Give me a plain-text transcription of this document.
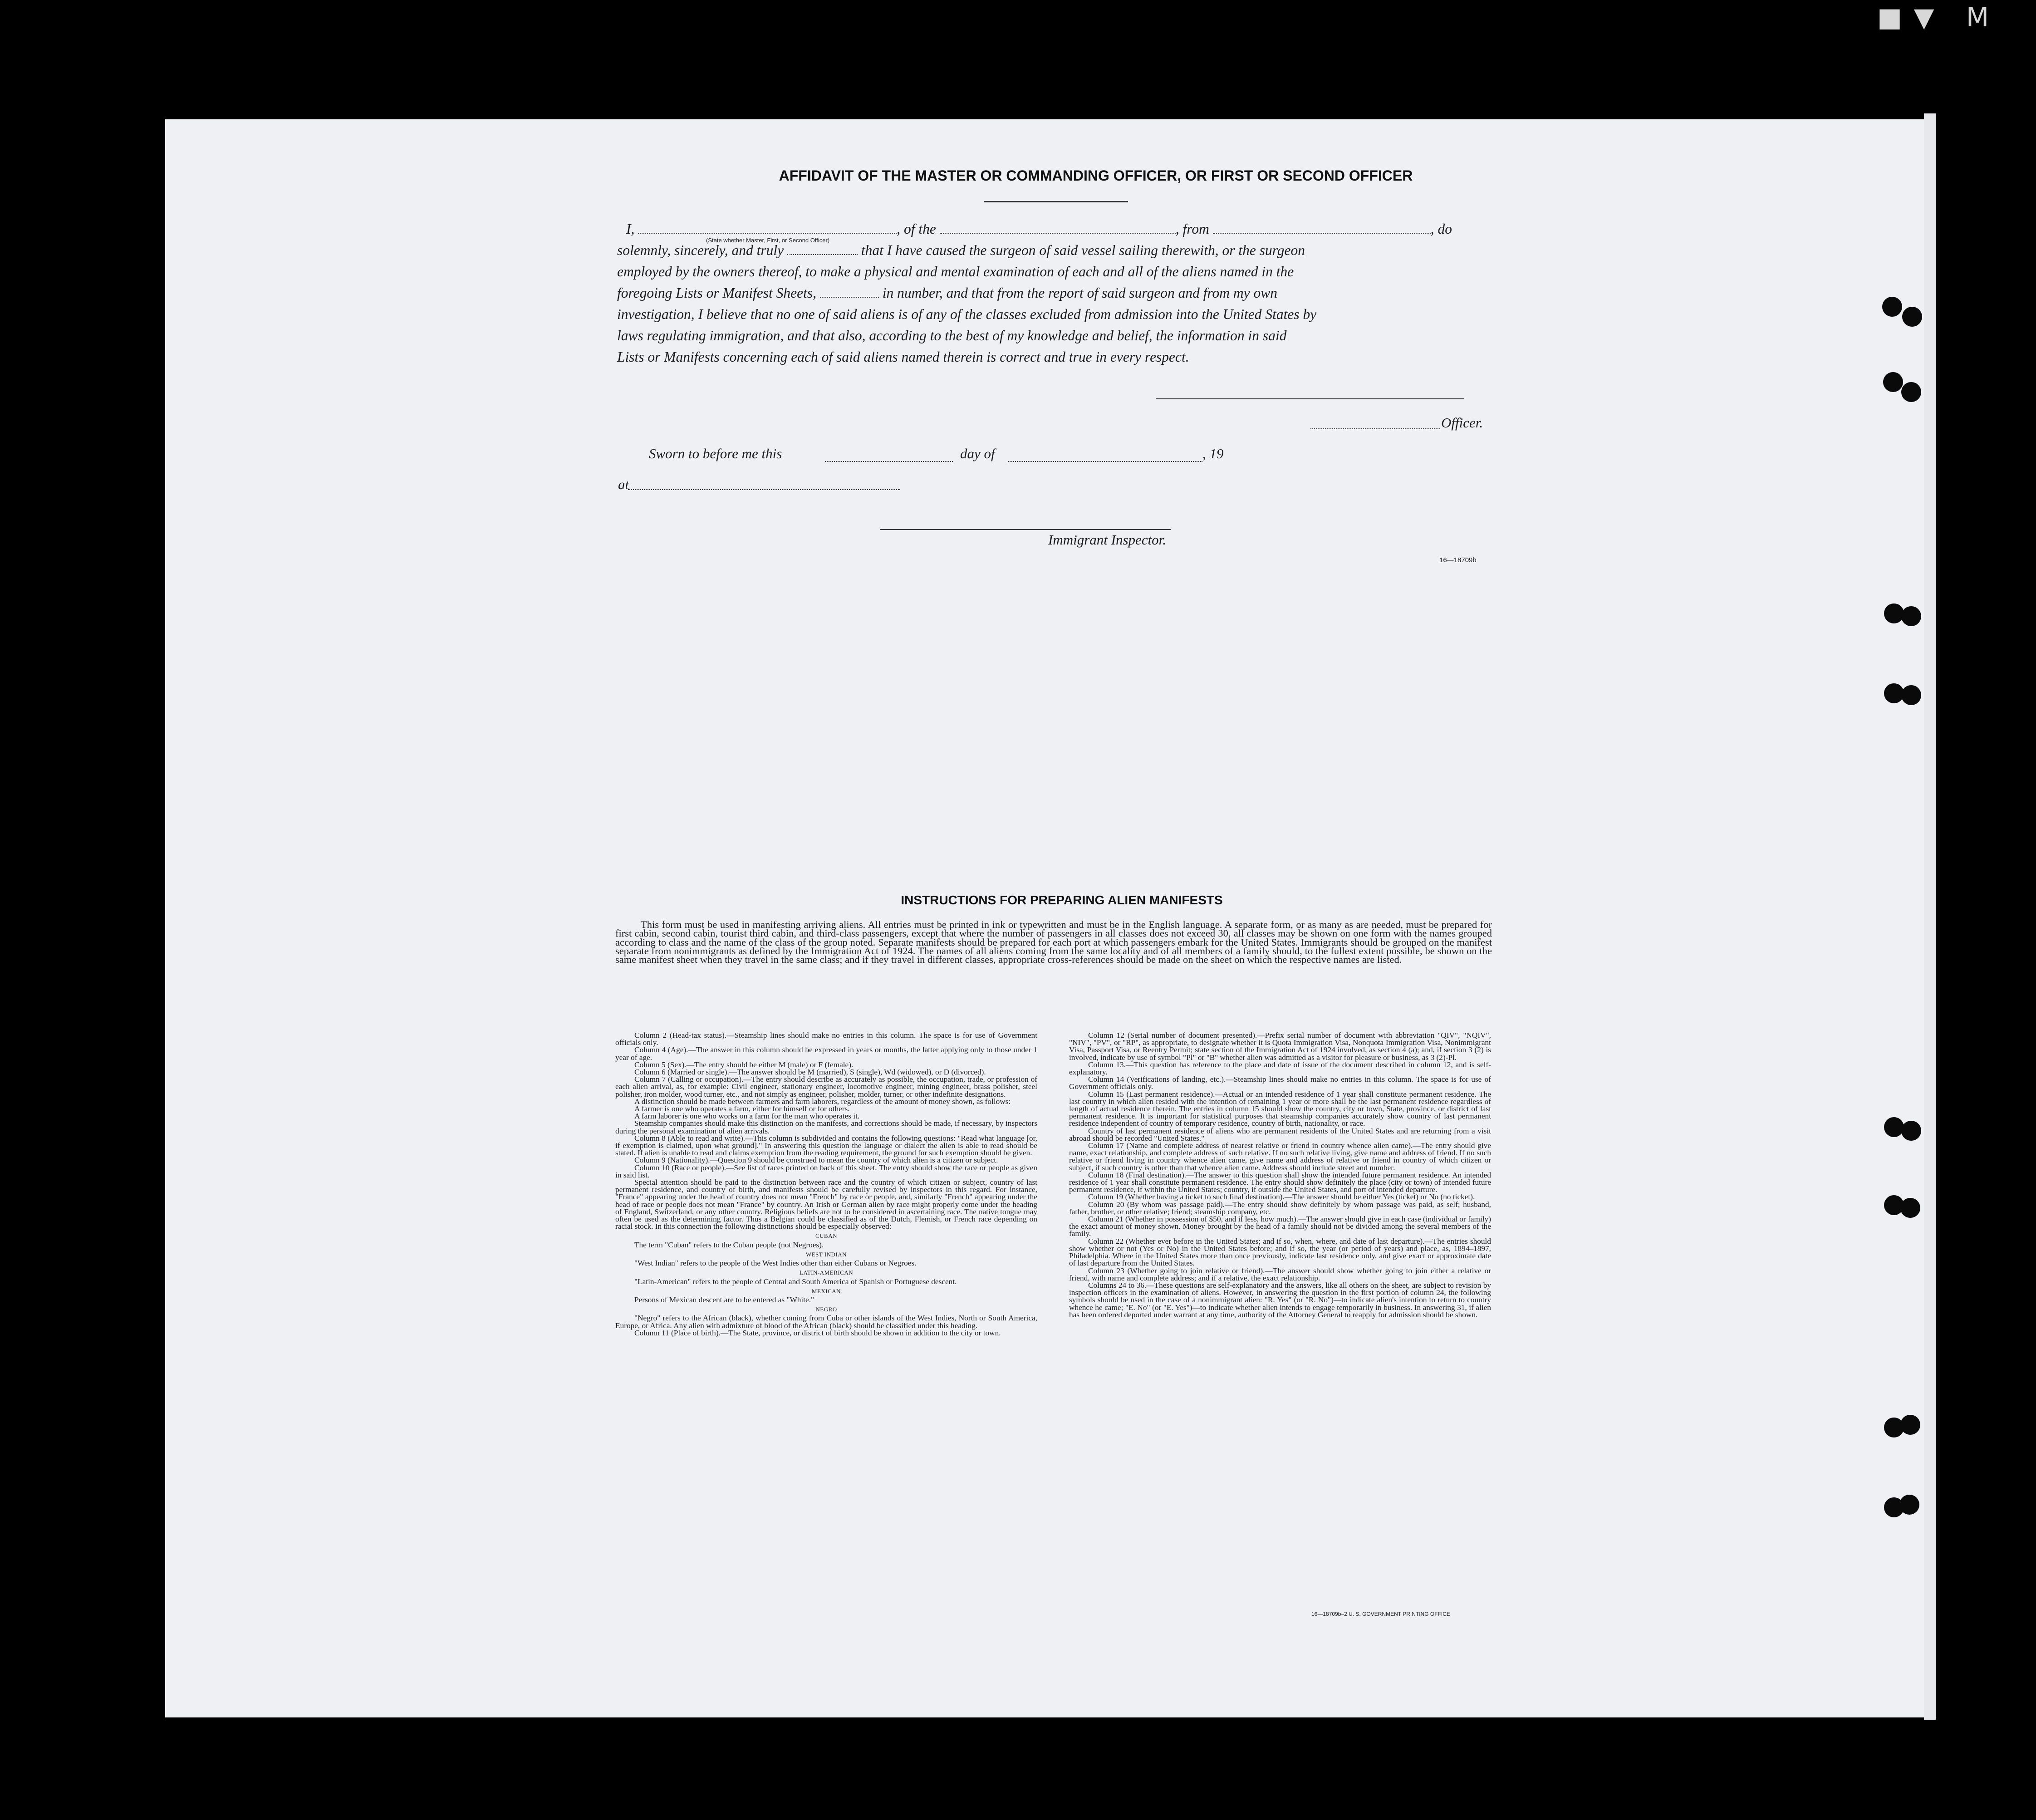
■▼ M
AFFIDAVIT OF THE MASTER OR COMMANDING OFFICER, OR FIRST OR SECOND OFFICER
I,	, of the	, from	, do
(State whether Master, First, or Second Officer)
solemnly, sincerely, and truly	that I have caused the surgeon of said vessel sailing therewith, or the surgeon
employed by the owners thereof, to make a physical and mental examination of each and all of the aliens named in the
foregoing Lists or Manifest Sheets,	in number, and that from the report of said surgeon and from my own
investigation, I believe that no one of said aliens is of any of the classes excluded from admission into the United States by
laws regulating immigration, and that also, according to the best of my knowledge and belief, the information in said
Lists or Manifests concerning each of said aliens named therein is correct and true in every respect.
Officer.
Sworn to before me this	day of	, 19
at
Immigrant Inspector.
16—18709b
INSTRUCTIONS FOR PREPARING ALIEN MANIFESTS

This form must be used in manifesting arriving aliens. All entries must be printed in ink or typewritten and must be in the English language. A separate form, or as many as are needed, must be prepared for first cabin, second cabin, tourist third cabin, and third-class passengers, except that where the number of passengers in all classes does not exceed 30, all classes may be shown on one form with the names grouped according to class and the name of the class of the group noted. Separate manifests should be prepared for each port at which passengers embark for the United States. Immigrants should be grouped on the manifest separate from nonimmigrants as defined by the Immigration Act of 1924. The names of all aliens coming from the same locality and of all members of a family should, to the fullest extent possible, be shown on the same manifest sheet when they travel in the same class; and if they travel in different classes, appropriate cross-references should be made on the sheet on which the respective names are listed.

Column 2 (Head-tax status).—Steamship lines should make no entries in this column. The space is for use of Government officials only.

Column 4 (Age).—The answer in this column should be expressed in years or months, the latter applying only to those under 1 year of age.

Column 5 (Sex).—The entry should be either M (male) or F (female).

Column 6 (Married or single).—The answer should be M (married), S (single), Wd (widowed), or D (divorced).

Column 7 (Calling or occupation).—The entry should describe as accurately as possible, the occupation, trade, or profession of each alien arrival, as, for example: Civil engineer, stationary engineer, locomotive engineer, mining engineer, brass polisher, steel polisher, iron molder, wood turner, etc., and not simply as engineer, polisher, molder, turner, or other indefinite designations.

A distinction should be made between farmers and farm laborers, regardless of the amount of money shown, as follows:

A farmer is one who operates a farm, either for himself or for others.

A farm laborer is one who works on a farm for the man who operates it.

Steamship companies should make this distinction on the manifests, and corrections should be made, if necessary, by inspectors during the personal examination of alien arrivals.

Column 8 (Able to read and write).—This column is subdivided and contains the following questions: "Read what language [or, if exemption is claimed, upon what ground]." In answering this question the language or dialect the alien is able to read should be stated. If alien is unable to read and claims exemption from the reading requirement, the ground for such exemption should be given.

Column 9 (Nationality).—Question 9 should be construed to mean the country of which alien is a citizen or subject.

Column 10 (Race or people).—See list of races printed on back of this sheet. The entry should show the race or people as given in said list.

Special attention should be paid to the distinction between race and the country of which citizen or subject, country of last permanent residence, and country of birth, and manifests should be carefully revised by inspectors in this regard. For instance, "France" appearing under the head of country does not mean "French" by race or people, and, similarly "French" appearing under the head of race or people does not mean "France" by country. An Irish or German alien by race might properly come under the heading of England, Switzerland, or any other country. Religious beliefs are not to be considered in ascertaining race. The native tongue may often be used as the determining factor. Thus a Belgian could be classified as of the Dutch, Flemish, or French race depending on racial stock. In this connection the following distinctions should be especially observed:

CUBAN

The term "Cuban" refers to the Cuban people (not Negroes).

WEST INDIAN

"West Indian" refers to the people of the West Indies other than either Cubans or Negroes.

LATIN-AMERICAN

"Latin-American" refers to the people of Central and South America of Spanish or Portuguese descent.

MEXICAN

Persons of Mexican descent are to be entered as "White."

NEGRO

"Negro" refers to the African (black), whether coming from Cuba or other islands of the West Indies, North or South America, Europe, or Africa. Any alien with admixture of blood of the African (black) should be classified under this heading.

Column 11 (Place of birth).—The State, province, or district of birth should be shown in addition to the city or town.

Column 12 (Serial number of document presented).—Prefix serial number of document with abbreviation "QIV", "NQIV", "NIV", "PV", or "RP", as appropriate, to designate whether it is Quota Immigration Visa, Nonquota Immigration Visa, Nonimmigrant Visa, Passport Visa, or Reentry Permit; state section of the Immigration Act of 1924 involved, as section 4 (a); and, if section 3 (2) is involved, indicate by use of symbol "Pl" or "B" whether alien was admitted as a visitor for pleasure or business, as 3 (2)-Pl.

Column 13.—This question has reference to the place and date of issue of the document described in column 12, and is self-explanatory.

Column 14 (Verifications of landing, etc.).—Steamship lines should make no entries in this column. The space is for use of Government officials only.

Column 15 (Last permanent residence).—Actual or an intended residence of 1 year shall constitute permanent residence. The last country in which alien resided with the intention of remaining 1 year or more shall be the last permanent residence regardless of length of actual residence therein. The entries in column 15 should show the country, city or town, State, province, or district of last permanent residence. It is important for statistical purposes that steamship companies accurately show country of last permanent residence independent of country of temporary residence, country of birth, nationality, or race.

Country of last permanent residence of aliens who are permanent residents of the United States and are returning from a visit abroad should be recorded "United States."

Column 17 (Name and complete address of nearest relative or friend in country whence alien came).—The entry should give name, exact relationship, and complete address of such relative. If no such relative living, give name and address of friend. If no such relative or friend living in country whence alien came, give name and address of relative or friend in country of which citizen or subject, if such country is other than that whence alien came. Address should include street and number.

Column 18 (Final destination).—The answer to this question shall show the intended future permanent residence. An intended residence of 1 year shall constitute permanent residence. The entry should show definitely the place (city or town) of intended future permanent residence, if within the United States; country, if outside the United States, and port of intended departure.

Column 19 (Whether having a ticket to such final destination).—The answer should be either Yes (ticket) or No (no ticket).

Column 20 (By whom was passage paid).—The entry should show definitely by whom passage was paid, as self; husband, father, brother, or other relative; friend; steamship company, etc.

Column 21 (Whether in possession of $50, and if less, how much).—The answer should give in each case (individual or family) the exact amount of money shown. Money brought by the head of a family should not be divided among the several members of the family.

Column 22 (Whether ever before in the United States; and if so, when, where, and date of last departure).—The entries should show whether or not (Yes or No) in the United States before; and if so, the year (or period of years) and place, as, 1894–1897, Philadelphia. Where in the United States more than once previously, indicate last residence only, and give exact or approximate date of last departure from the United States.

Column 23 (Whether going to join relative or friend).—The answer should show whether going to join either a relative or friend, with name and complete address; and if a relative, the exact relationship.

Columns 24 to 36.—These questions are self-explanatory and the answers, like all others on the sheet, are subject to revision by inspection officers in the examination of aliens. However, in answering the question in the first portion of column 24, the following symbols should be used in the case of a nonimmigrant alien: "R. Yes" (or "R. No")—to indicate alien's intention to return to country whence he came; "E. No" (or "E. Yes")—to indicate whether alien intends to engage temporarily in business. In answering 31, if alien has been ordered deported under warrant at any time, authority of the Attorney General to reapply for admission should be shown.

16—18709b–2 U. S. GOVERNMENT PRINTING OFFICE
